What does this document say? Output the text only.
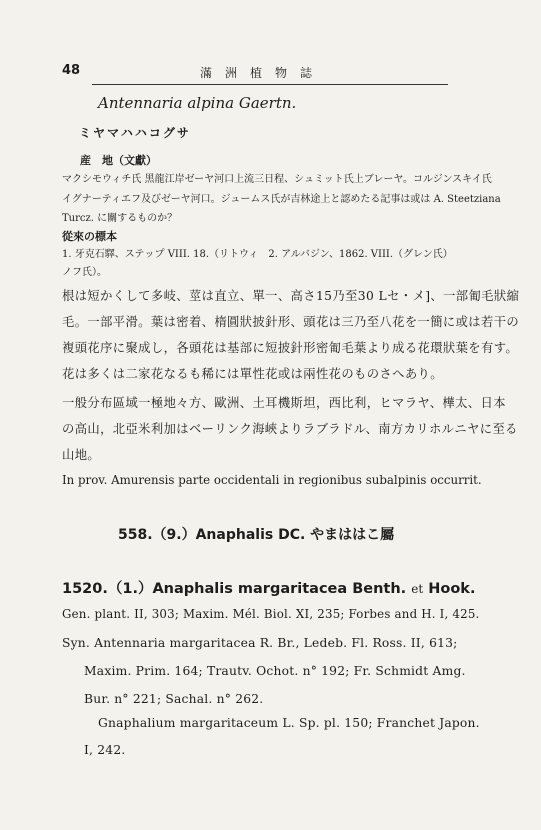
48	滿洲植物誌
Antennaria alpina Gaertn.
ミヤマハハコグサ
産　地（文獻）
マクシモウィチ氏 黑龍江岸ゼーヤ河口上流三日程、シュミット氏上ブレーヤ。コルジンスキイ氏
イグナーティエフ及びゼーヤ河口。ジュームス氏が吉林途上と認めたる記事は或は A. Steetziana
Turcz. に關するものか？
從來の標本
1. 牙克石驛、ステップ VIII. 18.（リトウィ　2. アルバジン、1862. VIII.（グレン氏）
ノフ氏）。
根は短かくして多岐、莖は直立、單一、高さ15乃至30 Lセ・メ]、一部匍毛狀縮
毛。一部平滑。葉は密着、楕圓狀披針形、頭花は三乃至八花を一簡に或は若干の
複頭花序に聚成し，各頭花は基部に短披針形密匍毛葉より成る花環狀葉を有す。
花は多くは二家花なるも稀には單性花或は兩性花のものさへあり。
一般分布區域一極地々方、歐洲、土耳機斯坦，西比利，ヒマラヤ、樺太、日本
の高山，北亞米利加はベーリンク海峽よりラブラドル、南方カリホルニヤに至る
山地。
In prov. Amurensis parte occidentali in regionibus subalpinis occurrit.
558.（9.）Anaphalis DC. やまははこ屬
1520.（1.）Anaphalis margaritacea Benth. et Hook.
Gen. plant. II, 303; Maxim. Mél. Biol. XI, 235; Forbes and H. I, 425.
Syn. Antennaria margaritacea R. Br., Ledeb. Fl. Ross. II, 613;
Maxim. Prim. 164; Trautv. Ochot. n° 192; Fr. Schmidt Amg.
Bur. n° 221; Sachal. n° 262.
Gnaphalium margaritaceum L. Sp. pl. 150; Franchet Japon.
I, 242.
